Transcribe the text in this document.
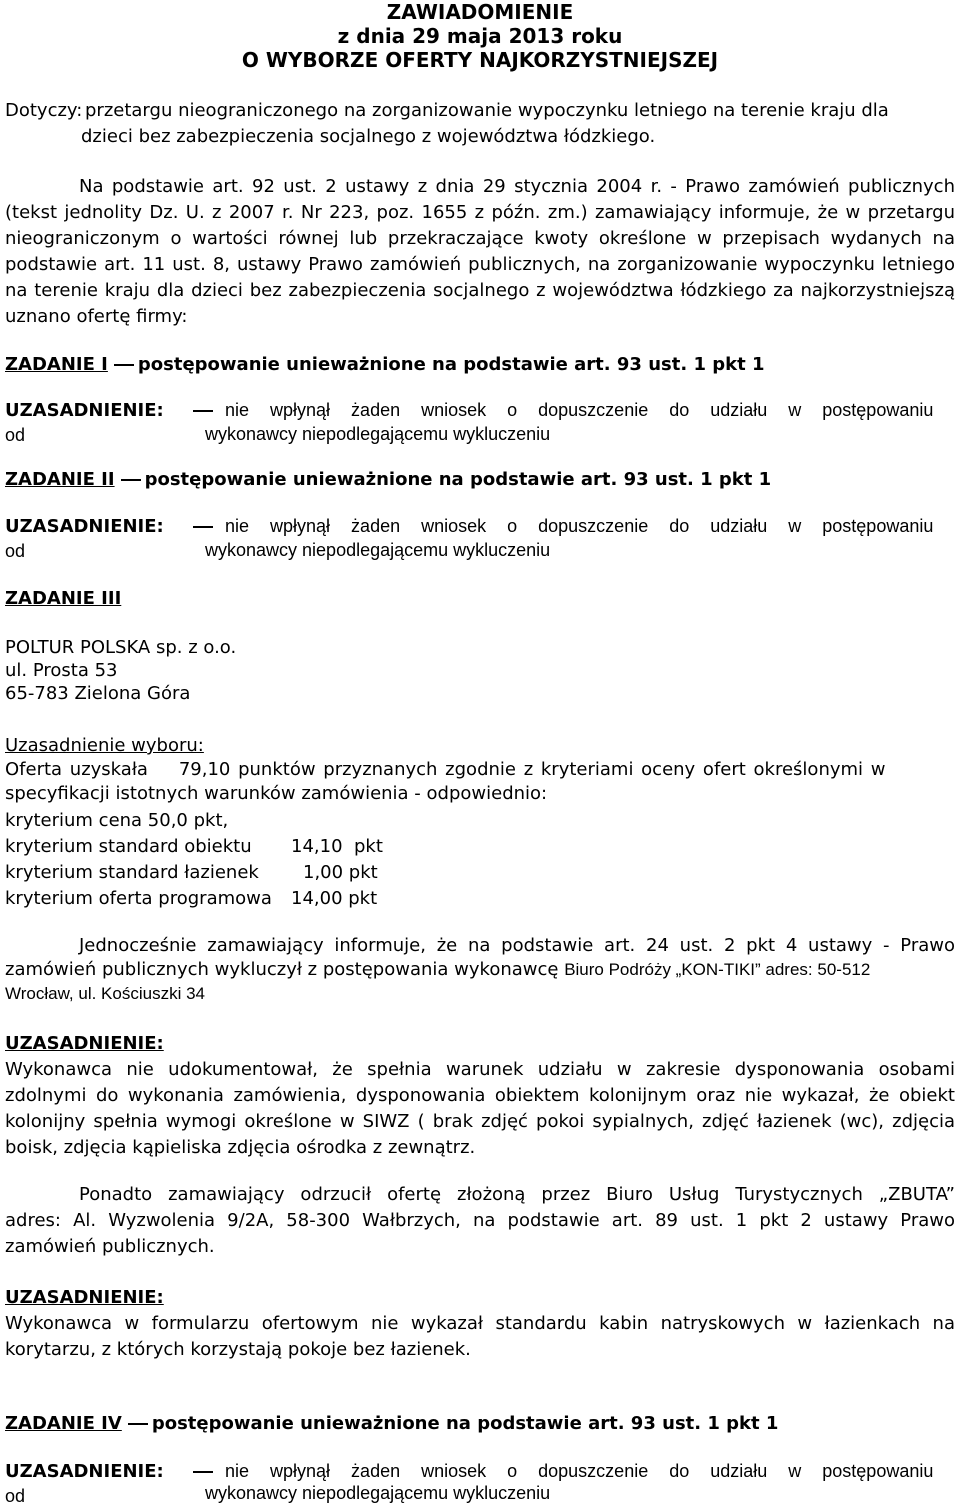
ZAWIADOMIENIE
z dnia 29 maja 2013 roku
O WYBORZE OFERTY NAJKORZYSTNIEJSZEJ
Dotyczy: przetargu nieograniczonego na zorganizowanie wypoczynku letniego na terenie kraju dla
dzieci bez zabezpieczenia socjalnego z województwa łódzkiego.
Na podstawie art. 92 ust. 2 ustawy z dnia 29 stycznia 2004 r. - Prawo zamówień publicznych (tekst jednolity Dz. U. z 2007 r. Nr 223, poz. 1655 z późn. zm.) zamawiający informuje, że w przetargu nieograniczonym o wartości równej lub przekraczające kwoty określone w przepisach wydanych na podstawie art. 11 ust. 8, ustawy Prawo zamówień publicznych, na zorganizowanie wypoczynku letniego na terenie kraju dla dzieci bez zabezpieczenia socjalnego z województwa łódzkiego za najkorzystniejszą uznano ofertę firmy:
ZADANIE I postępowanie unieważnione na podstawie art. 93 ust. 1 pkt 1
UZASADNIENIE:	nie wpłynął żaden wniosek o dopuszczenie do udziału w postępowaniu od	wykonawcy niepodlegającemu wykluczeniu
ZADANIE II postępowanie unieważnione na podstawie art. 93 ust. 1 pkt 1
UZASADNIENIE:	nie wpłynął żaden wniosek o dopuszczenie do udziału w postępowaniu od	wykonawcy niepodlegającemu wykluczeniu
ZADANIE III
POLTUR POLSKA sp. z o.o.
ul. Prosta 53
65-783 Zielona Góra
Uzasadnienie wyboru:
Oferta uzyskała    79,10 punktów przyznanych zgodnie z kryteriami oceny ofert określonymi w
specyfikacji istotnych warunków zamówienia - odpowiednio:
kryterium cena 50,0 pkt,
kryterium standard obiektu 14,10  pkt
kryterium standard łazienek 1,00 pkt
kryterium oferta programowa 14,00 pkt
Jednocześnie zamawiający informuje, że na podstawie art. 24 ust. 2 pkt 4 ustawy - Prawo
zamówień publicznych wykluczył z postępowania wykonawcę Biuro Podróży „KON-TIKI” adres: 50-512
Wrocław, ul. Kościuszki 34
UZASADNIENIE:
Wykonawca nie udokumentował, że spełnia warunek udziału w zakresie dysponowania osobami
zdolnymi do wykonania zamówienia, dysponowania obiektem kolonijnym oraz nie wykazał, że obiekt
kolonijny spełnia wymogi określone w SIWZ ( brak zdjęć pokoi sypialnych, zdjęć łazienek (wc), zdjęcia
boisk, zdjęcia kąpieliska zdjęcia ośrodka z zewnątrz.
Ponadto zamawiający odrzucił ofertę złożoną przez Biuro Usług Turystycznych „ZBUTA”
adres: Al. Wyzwolenia 9/2A, 58-300 Wałbrzych, na podstawie art. 89 ust. 1 pkt 2 ustawy Prawo
zamówień publicznych.
UZASADNIENIE:
Wykonawca w formularzu ofertowym nie wykazał standardu kabin natryskowych w łazienkach na
korytarzu, z których korzystają pokoje bez łazienek.
ZADANIE IV postępowanie unieważnione na podstawie art. 93 ust. 1 pkt 1
UZASADNIENIE:	nie wpłynął żaden wniosek o dopuszczenie do udziału w postępowaniu od	wykonawcy niepodlegającemu wykluczeniu
